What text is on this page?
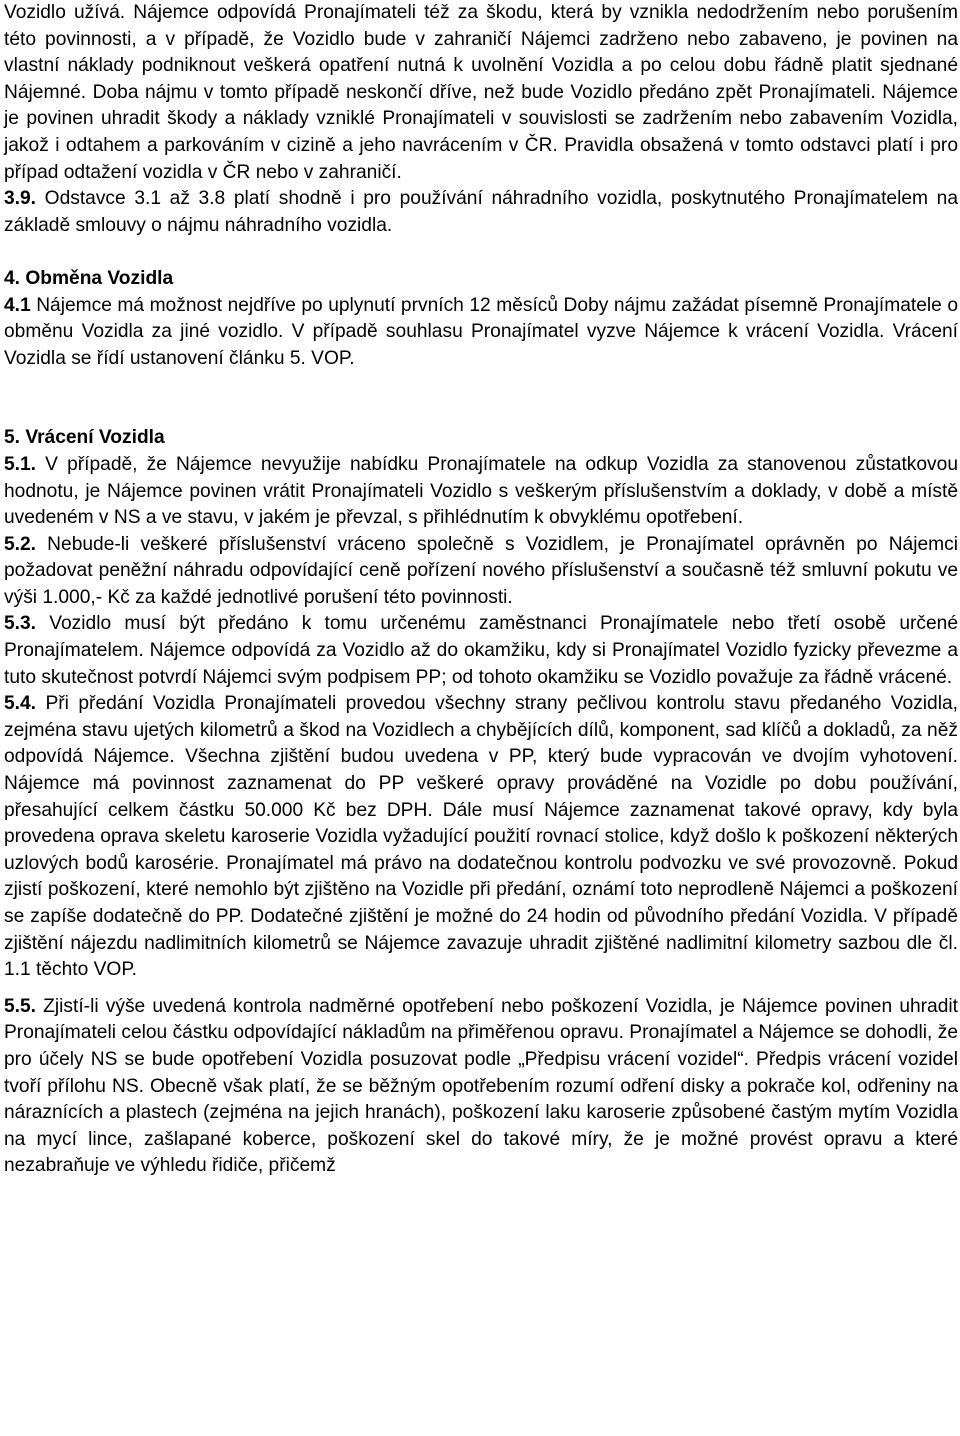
Vozidlo užívá. Nájemce odpovídá Pronajímateli též za škodu, která by vznikla nedodržením nebo porušením této povinnosti, a v případě, že Vozidlo bude v zahraničí Nájemci zadrženo nebo zabaveno, je povinen na vlastní náklady podniknout veškerá opatření nutná k uvolnění Vozidla a po celou dobu řádně platit sjednané Nájemné. Doba nájmu v tomto případě neskončí dříve, než bude Vozidlo předáno zpět Pronajímateli. Nájemce je povinen uhradit škody a náklady vzniklé Pronajímateli v souvislosti se zadržením nebo zabavením Vozidla, jakož i odtahem a parkováním v cizině a jeho navrácením v ČR. Pravidla obsažená v tomto odstavci platí i pro případ odtažení vozidla v ČR nebo v zahraničí.

3.9. Odstavce 3.1 až 3.8 platí shodně i pro používání náhradního vozidla, poskytnutého Pronajímatelem na základě smlouvy o nájmu náhradního vozidla.

4. Obměna Vozidla

4.1 Nájemce má možnost nejdříve po uplynutí prvních 12 měsíců Doby nájmu zažádat písemně Pronajímatele o obměnu Vozidla za jiné vozidlo. V případě souhlasu Pronajímatel vyzve Nájemce k vrácení Vozidla. Vrácení Vozidla se řídí ustanovení článku 5. VOP.

5. Vrácení Vozidla

5.1. V případě, že Nájemce nevyužije nabídku Pronajímatele na odkup Vozidla za stanovenou zůstatkovou hodnotu, je Nájemce povinen vrátit Pronajímateli Vozidlo s veškerým příslušenstvím a doklady, v době a místě uvedeném v NS a ve stavu, v jakém je převzal, s přihlédnutím k obvyklému opotřebení.

5.2. Nebude-li veškeré příslušenství vráceno společně s Vozidlem, je Pronajímatel oprávněn po Nájemci požadovat peněžní náhradu odpovídající ceně pořízení nového příslušenství a současně též smluvní pokutu ve výši 1.000,- Kč za každé jednotlivé porušení této povinnosti.

5.3. Vozidlo musí být předáno k tomu určenému zaměstnanci Pronajímatele nebo třetí osobě určené Pronajímatelem. Nájemce odpovídá za Vozidlo až do okamžiku, kdy si Pronajímatel Vozidlo fyzicky převezme a tuto skutečnost potvrdí Nájemci svým podpisem PP; od tohoto okamžiku se Vozidlo považuje za řádně vrácené.

5.4. Při předání Vozidla Pronajímateli provedou všechny strany pečlivou kontrolu stavu předaného Vozidla, zejména stavu ujetých kilometrů a škod na Vozidlech a chybějících dílů, komponent, sad klíčů a dokladů, za něž odpovídá Nájemce. Všechna zjištění budou uvedena v PP, který bude vypracován ve dvojím vyhotovení. Nájemce má povinnost zaznamenat do PP veškeré opravy prováděné na Vozidle po dobu používání, přesahující celkem částku 50.000 Kč bez DPH. Dále musí Nájemce zaznamenat takové opravy, kdy byla provedena oprava skeletu karoserie Vozidla vyžadující použití rovnací stolice, když došlo k poškození některých uzlových bodů karosérie. Pronajímatel má právo na dodatečnou kontrolu podvozku ve své provozovně. Pokud zjistí poškození, které nemohlo být zjištěno na Vozidle při předání, oznámí toto neprodleně Nájemci a poškození se zapíše dodatečně do PP. Dodatečné zjištění je možné do 24 hodin od původního předání Vozidla. V případě zjištění nájezdu nadlimitních kilometrů se Nájemce zavazuje uhradit zjištěné nadlimitní kilometry sazbou dle čl. 1.1 těchto VOP.

5.5. Zjistí-li výše uvedená kontrola nadměrné opotřebení nebo poškození Vozidla, je Nájemce povinen uhradit Pronajímateli celou částku odpovídající nákladům na přiměřenou opravu. Pronajímatel a Nájemce se dohodli, že pro účely NS se bude opotřebení Vozidla posuzovat podle „Předpisu vrácení vozidel“. Předpis vrácení vozidel tvoří přílohu NS. Obecně však platí, že se běžným opotřebením rozumí odření disky a pokrače kol, odřeniny na náraznících a plastech (zejména na jejich hranách), poškození laku karoserie způsobené častým mytím Vozidla na mycí lince, zašlapané koberce, poškození skel do takové míry, že je možné provést opravu a které nezabraňuje ve výhledu řidiče, přičemž
